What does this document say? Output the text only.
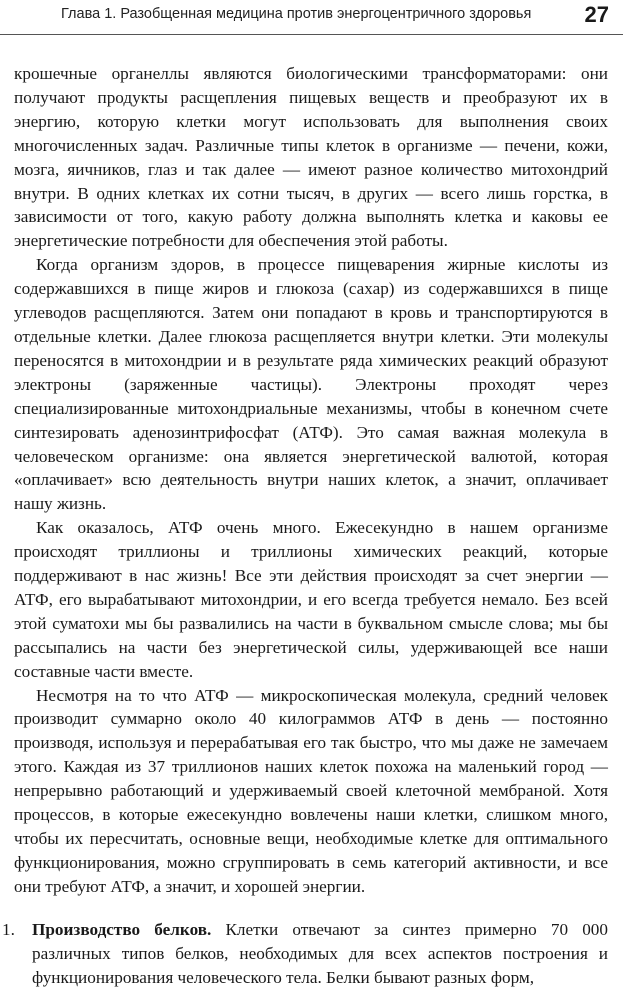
Глава 1. Разобщенная медицина против энергоцентричного здоровья 27

крошечные органеллы являются биологическими трансформаторами: они получают продукты расщепления пищевых веществ и преобразуют их в энергию, которую клетки могут использовать для выполнения своих многочисленных задач. Различные типы клеток в организме — печени, кожи, мозга, яичников, глаз и так далее — имеют разное количество митохондрий внутри. В одних клетках их сотни тысяч, в других — всего лишь горстка, в зависимости от того, какую работу должна выполнять клетка и каковы ее энергетические потребности для обеспечения этой работы.

Когда организм здоров, в процессе пищеварения жирные кислоты из содержавшихся в пище жиров и глюкоза (сахар) из содержавшихся в пище углеводов расщепляются. Затем они попадают в кровь и транспортируются в отдельные клетки. Далее глюкоза расщепляется внутри клетки. Эти молекулы переносятся в митохондрии и в результате ряда химических реакций образуют электроны (заряженные частицы). Электроны проходят через специализированные митохондриальные механизмы, чтобы в конечном счете синтезировать аденозинтрифосфат (АТФ). Это самая важная молекула в человеческом организме: она является энергетической валютой, которая «оплачивает» всю деятельность внутри наших клеток, а значит, оплачивает нашу жизнь.

Как оказалось, АТФ очень много. Ежесекундно в нашем организме происходят триллионы и триллионы химических реакций, которые поддерживают в нас жизнь! Все эти действия происходят за счет энергии — АТФ, его вырабатывают митохондрии, и его всегда требуется немало. Без всей этой суматохи мы бы развалились на части в буквальном смысле слова; мы бы рассыпались на части без энергетической силы, удерживающей все наши составные части вместе.

Несмотря на то что АТФ — микроскопическая молекула, средний человек производит суммарно около 40 килограммов АТФ в день — постоянно производя, используя и перерабатывая его так быстро, что мы даже не замечаем этого. Каждая из 37 триллионов наших клеток похожа на маленький город — непрерывно работающий и удерживаемый своей клеточной мембраной. Хотя процессов, в которые ежесекундно вовлечены наши клетки, слишком много, чтобы их пересчитать, основные вещи, необходимые клетке для оптимального функционирования, можно сгруппировать в семь категорий активности, и все они требуют АТФ, а значит, и хорошей энергии.

1. Производство белков. Клетки отвечают за синтез примерно 70 000 различных типов белков, необходимых для всех аспектов построения и функционирования человеческого тела. Белки бывают разных форм,
